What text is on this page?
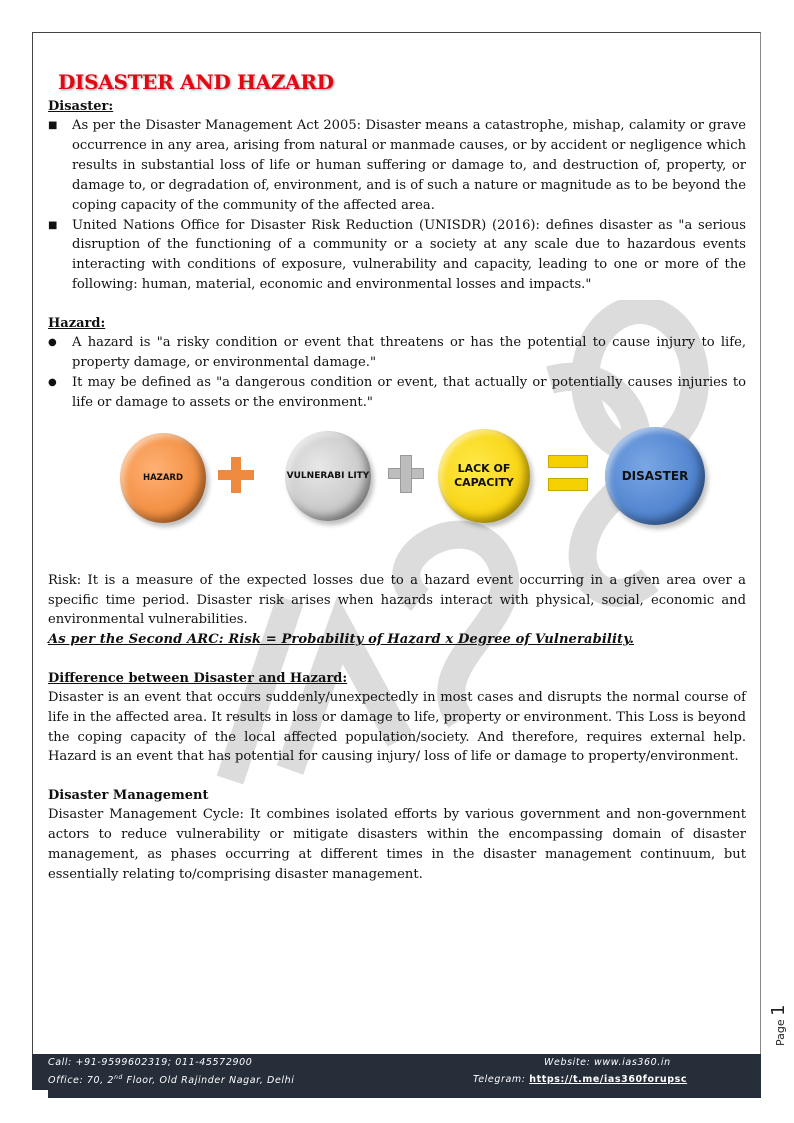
DISASTER AND HAZARD
Disaster:
■ As per the Disaster Management Act 2005: Disaster means a catastrophe, mishap, calamity or grave occurrence in any area, arising from natural or manmade causes, or by accident or negligence which results in substantial loss of life or human suffering or damage to, and destruction of, property, or damage to, or degradation of, environment, and is of such a nature or magnitude as to be beyond the coping capacity of the community of the affected area.
■ United Nations Office for Disaster Risk Reduction (UNISDR) (2016): defines disaster as "a serious disruption of the functioning of a community or a society at any scale due to hazardous events interacting with conditions of exposure, vulnerability and capacity, leading to one or more of the following: human, material, economic and environmental losses and impacts."
Hazard:
● A hazard is "a risky condition or event that threatens or has the potential to cause injury to life, property damage, or environmental damage."
● It may be defined as "a dangerous condition or event, that actually or potentially causes injuries to life or damage to assets or the environment."
HAZARD	VULNERABI LITY
LACK OF CAPACITY	DISASTER

Risk: It is a measure of the expected losses due to a hazard event occurring in a given area over a specific time period. Disaster risk arises when hazards interact with physical, social, economic and environmental vulnerabilities.

As per the Second ARC: Risk = Probability of Hazard x Degree of Vulnerability.

Difference between Disaster and Hazard:

Disaster is an event that occurs suddenly/unexpectedly in most cases and disrupts the normal course of life in the affected area. It results in loss or damage to life, property or environment. This Loss is beyond the coping capacity of the local affected population/society. And therefore, requires external help. Hazard is an event that has potential for causing injury/ loss of life or damage to property/environment.

Disaster Management

Disaster Management Cycle: It combines isolated efforts by various government and non-government actors to reduce vulnerability or mitigate disasters within the encompassing domain of disaster management, as phases occurring at different times in the disaster management continuum, but essentially relating to/comprising disaster management.

Page 1
Call: +91-9599602319; 011-45572900
Office: 70, 2nd Floor, Old Rajinder Nagar, Delhi
Website: www.ias360.in
Telegram: https://t.me/ias360forupsc
